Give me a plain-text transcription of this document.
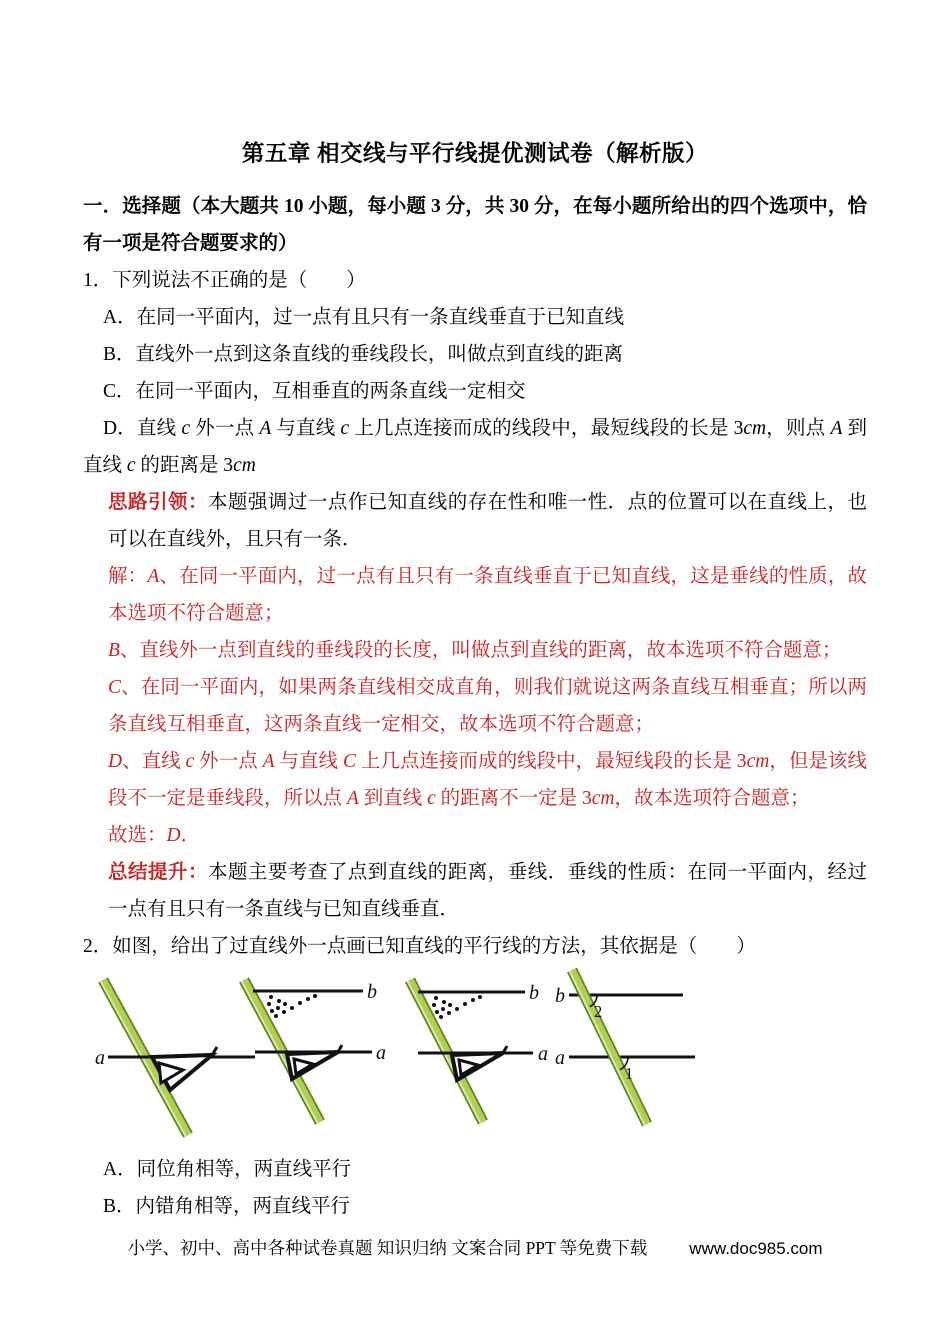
第五章 相交线与平行线提优测试卷（解析版）

一．选择题（本大题共 10 小题，每小题 3 分，共 30 分，在每小题所给出的四个选项中，恰有一项是符合题要求的）

1．下列说法不正确的是（　　）

A．在同一平面内，过一点有且只有一条直线垂直于已知直线

B．直线外一点到这条直线的垂线段长，叫做点到直线的距离

C．在同一平面内，互相垂直的两条直线一定相交

D．直线 c 外一点 A 与直线 c 上几点连接而成的线段中，最短线段的长是 3cm，则点 A 到直线 c 的距离是 3cm

思路引领：本题强调过一点作已知直线的存在性和唯一性．点的位置可以在直线上，也可以在直线外，且只有一条．

解：A、在同一平面内，过一点有且只有一条直线垂直于已知直线，这是垂线的性质，故本选项不符合题意；

B、直线外一点到直线的垂线段的长度，叫做点到直线的距离，故本选项不符合题意；

C、在同一平面内，如果两条直线相交成直角，则我们就说这两条直线互相垂直；所以两条直线互相垂直，这两条直线一定相交，故本选项不符合题意；

D、直线 c 外一点 A 与直线 C 上几点连接而成的线段中，最短线段的长是 3cm，但是该线段不一定是垂线段，所以点 A 到直线 c 的距离不一定是 3cm，故本选项符合题意；

故选：D．

总结提升：本题主要考查了点到直线的距离，垂线．垂线的性质：在同一平面内，经过一点有且只有一条直线与已知直线垂直．

2．如图，给出了过直线外一点画已知直线的平行线的方法，其依据是（　　）

a
b
a
b
a
b
a
2
1

A．同位角相等，两直线平行

B．内错角相等，两直线平行

小学、初中、高中各种试卷真题 知识归纳 文案合同 PPT 等免费下载 www.doc985.com
